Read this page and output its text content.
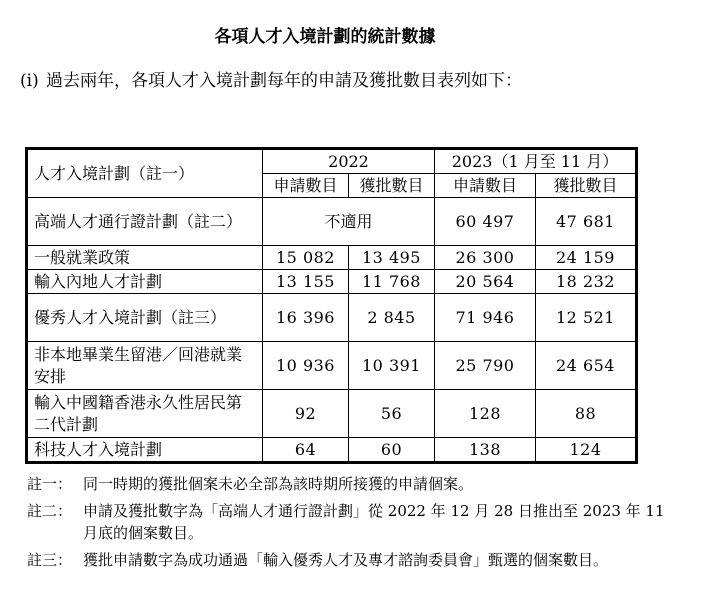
各項人才入境計劃的統計數據
(i) 過去兩年，各項人才入境計劃每年的申請及獲批數目表列如下：
人才入境計劃（註一）	2022		2023（1 月至 11 月）	
	申請數目	獲批數目	申請數目	獲批數目
高端人才通行證計劃（註二）	不適用		60 497	47 681
一般就業政策	15 082	13 495	26 300	24 159
輸入內地人才計劃	13 155	11 768	20 564	18 232
優秀人才入境計劃（註三）	16 396	2 845	71 946	12 521
非本地畢業生留港／回港就業安排	10 936	10 391	25 790	24 654
輸入中國籍香港永久性居民第二代計劃	92	56	128	88
科技人才入境計劃	64	60	138	124
註一： 同一時期的獲批個案未必全部為該時期所接獲的申請個案。
註二： 申請及獲批數字為「高端人才通行證計劃」從 2022 年 12 月 28 日推出至 2023 年 11 月底的個案數目。
註三： 獲批申請數字為成功通過「輸入優秀人才及專才諮詢委員會」甄選的個案數目。
